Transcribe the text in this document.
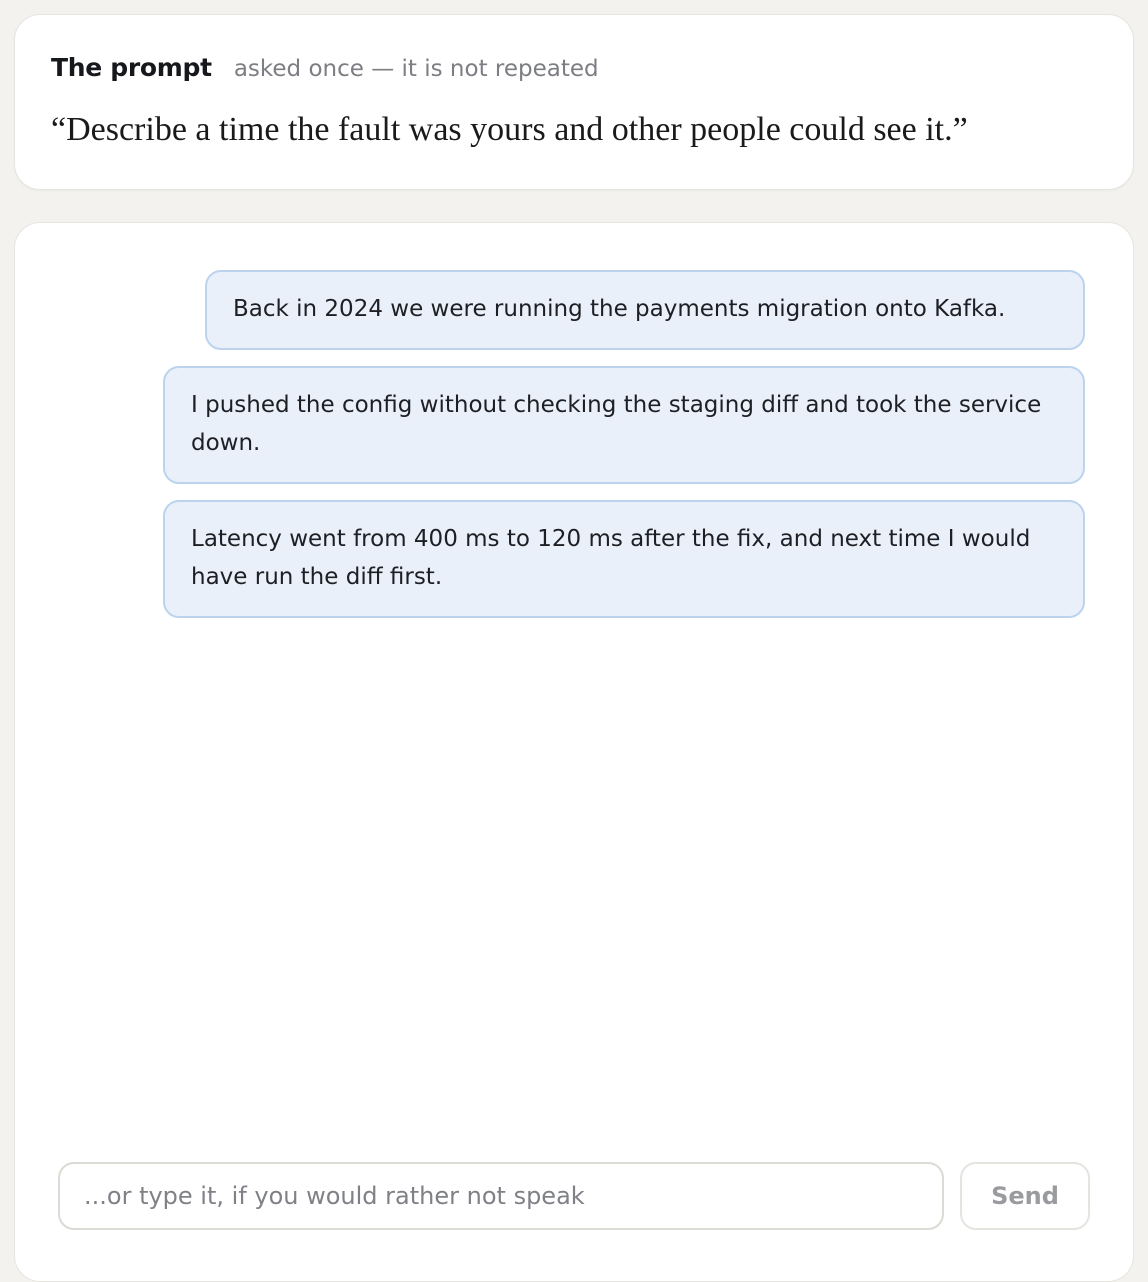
The prompt asked once — it is not repeated
“Describe a time the fault was yours and other people could see it.”
Back in 2024 we were running the payments migration onto Kafka.
I pushed the config without checking the staging diff and took the service down.
Latency went from 400 ms to 120 ms after the fix, and next time I would have run the diff first.
...or type it, if you would rather not speak
Send
